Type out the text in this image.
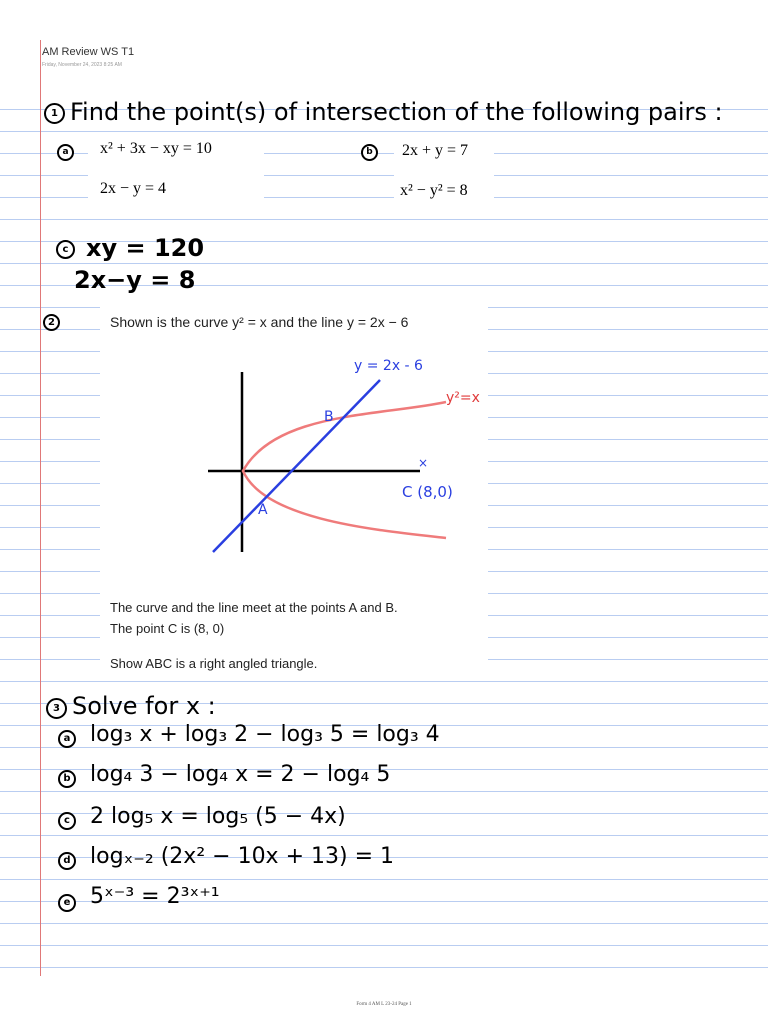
AM Review WS T1
Friday, November 24, 2023 8:25 AM
1 Find the point(s) of intersection of the following pairs :
a	x² + 3x − xy = 10
2x − y = 4
b	2x + y = 7
x² − y² = 8
c xy = 120
2x−y = 8
2	Shown is the curve y² = x and the line y = 2x − 6
y = 2x - 6
y²=x
B
A
×
C (8,0)
The curve and the line meet at the points A and B.
The point C is (8, 0)
Show ABC is a right angled triangle.
3 Solve for x :
a log₃ x + log₃ 2 − log₃ 5 = log₃ 4
b log₄ 3 − log₄ x = 2 − log₄ 5
c 2 log₅ x = log₅ (5 − 4x)
d logₓ₋₂ (2x² − 10x + 13) = 1
e 5ˣ⁻³ = 2³ˣ⁺¹
Form 4 AM L 23-24 Page 1
